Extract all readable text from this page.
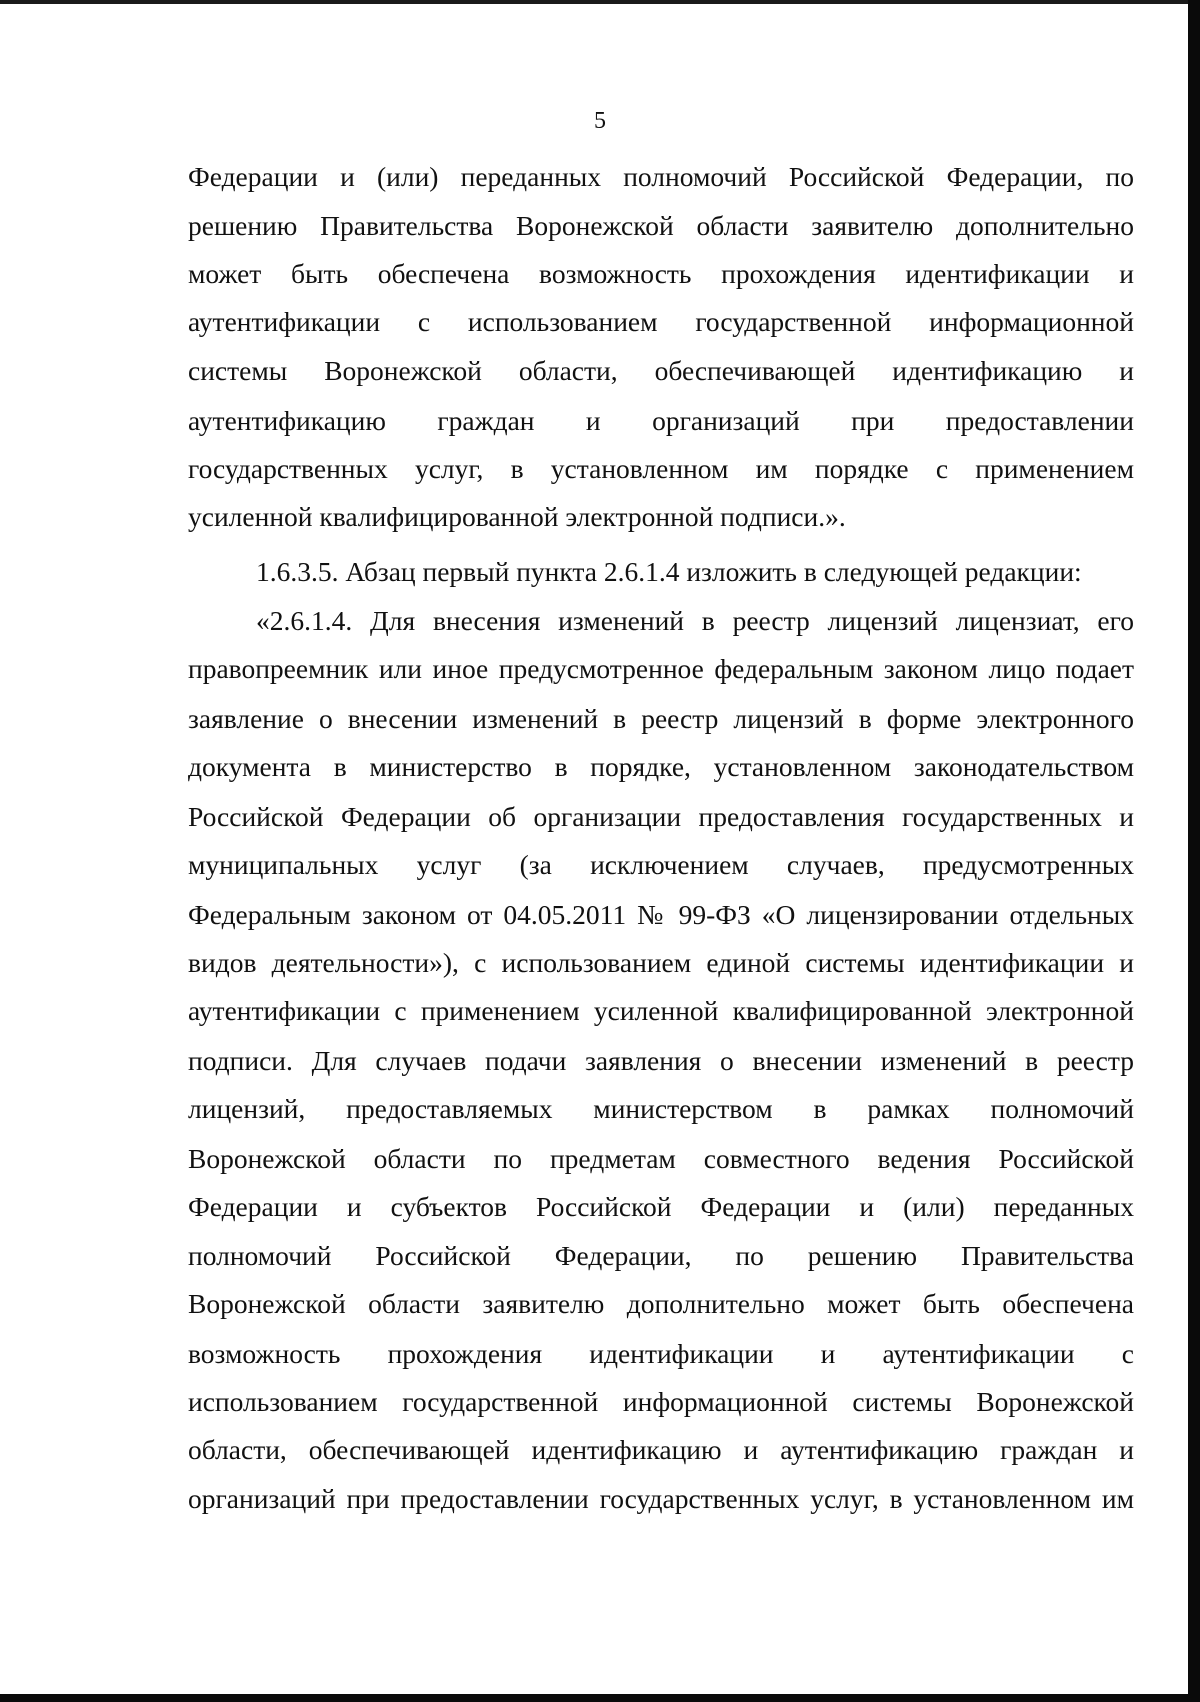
5
Федерации и (или) переданных полномочий Российской Федерации, по
решению Правительства Воронежской области заявителю дополнительно
может быть обеспечена возможность прохождения идентификации и
аутентификации с использованием государственной информационной
системы Воронежской области, обеспечивающей идентификацию и
аутентификацию граждан и организаций при предоставлении
государственных услуг, в установленном им порядке с применением
усиленной квалифицированной электронной подписи.».
1.6.3.5. Абзац первый пункта 2.6.1.4 изложить в следующей редакции:
«2.6.1.4. Для внесения изменений в реестр лицензий лицензиат, его
правопреемник или иное предусмотренное федеральным законом лицо подает
заявление о внесении изменений в реестр лицензий в форме электронного
документа в министерство в порядке, установленном законодательством
Российской Федерации об организации предоставления государственных и
муниципальных услуг (за исключением случаев, предусмотренных
Федеральным законом от 04.05.2011 № 99-ФЗ «О лицензировании отдельных
видов деятельности»), с использованием единой системы идентификации и
аутентификации с применением усиленной квалифицированной электронной
подписи. Для случаев подачи заявления о внесении изменений в реестр
лицензий, предоставляемых министерством в рамках полномочий
Воронежской области по предметам совместного ведения Российской
Федерации и субъектов Российской Федерации и (или) переданных
полномочий Российской Федерации, по решению Правительства
Воронежской области заявителю дополнительно может быть обеспечена
возможность прохождения идентификации и аутентификации с
использованием государственной информационной системы Воронежской
области, обеспечивающей идентификацию и аутентификацию граждан и
организаций при предоставлении государственных услуг, в установленном им
